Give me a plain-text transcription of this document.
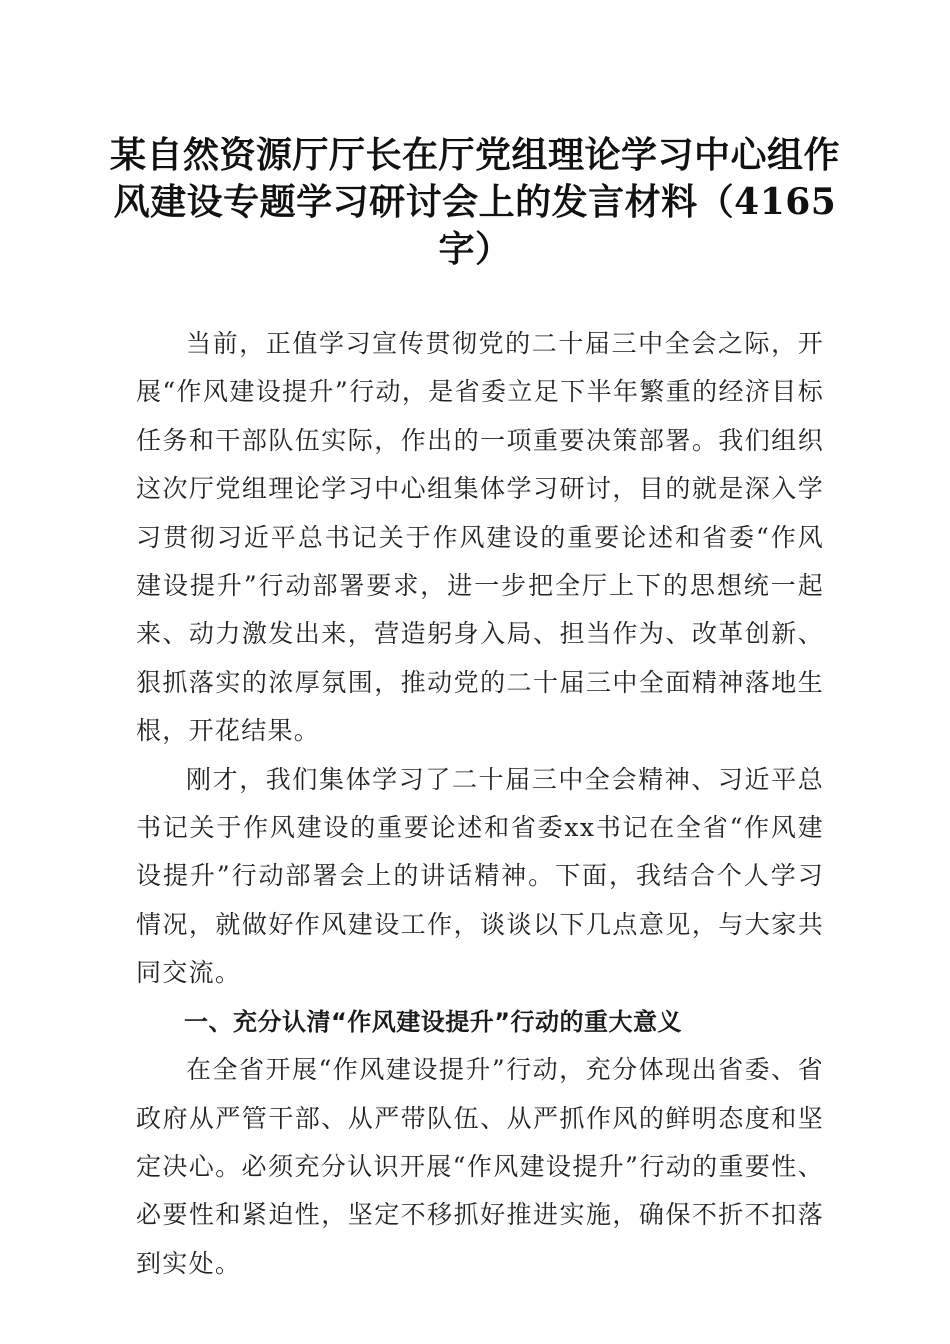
某自然资源厅厅长在厅党组理论学习中心组作风建设专题学习研讨会上的发言材料（4165字）

当前，正值学习宣传贯彻党的二十届三中全会之际，开展“作风建设提升”行动，是省委立足下半年繁重的经济目标任务和干部队伍实际，作出的一项重要决策部署。我们组织这次厅党组理论学习中心组集体学习研讨，目的就是深入学习贯彻习近平总书记关于作风建设的重要论述和省委“作风建设提升”行动部署要求，进一步把全厅上下的思想统一起来、动力激发出来，营造躬身入局、担当作为、改革创新、狠抓落实的浓厚氛围，推动党的二十届三中全面精神落地生根，开花结果。

刚才，我们集体学习了二十届三中全会精神、习近平总书记关于作风建设的重要论述和省委xx书记在全省“作风建设提升”行动部署会上的讲话精神。下面，我结合个人学习情况，就做好作风建设工作，谈谈以下几点意见，与大家共同交流。

一、充分认清“作风建设提升”行动的重大意义

在全省开展“作风建设提升”行动，充分体现出省委、省政府从严管干部、从严带队伍、从严抓作风的鲜明态度和坚定决心。必须充分认识开展“作风建设提升”行动的重要性、必要性和紧迫性，坚定不移抓好推进实施，确保不折不扣落到实处。
